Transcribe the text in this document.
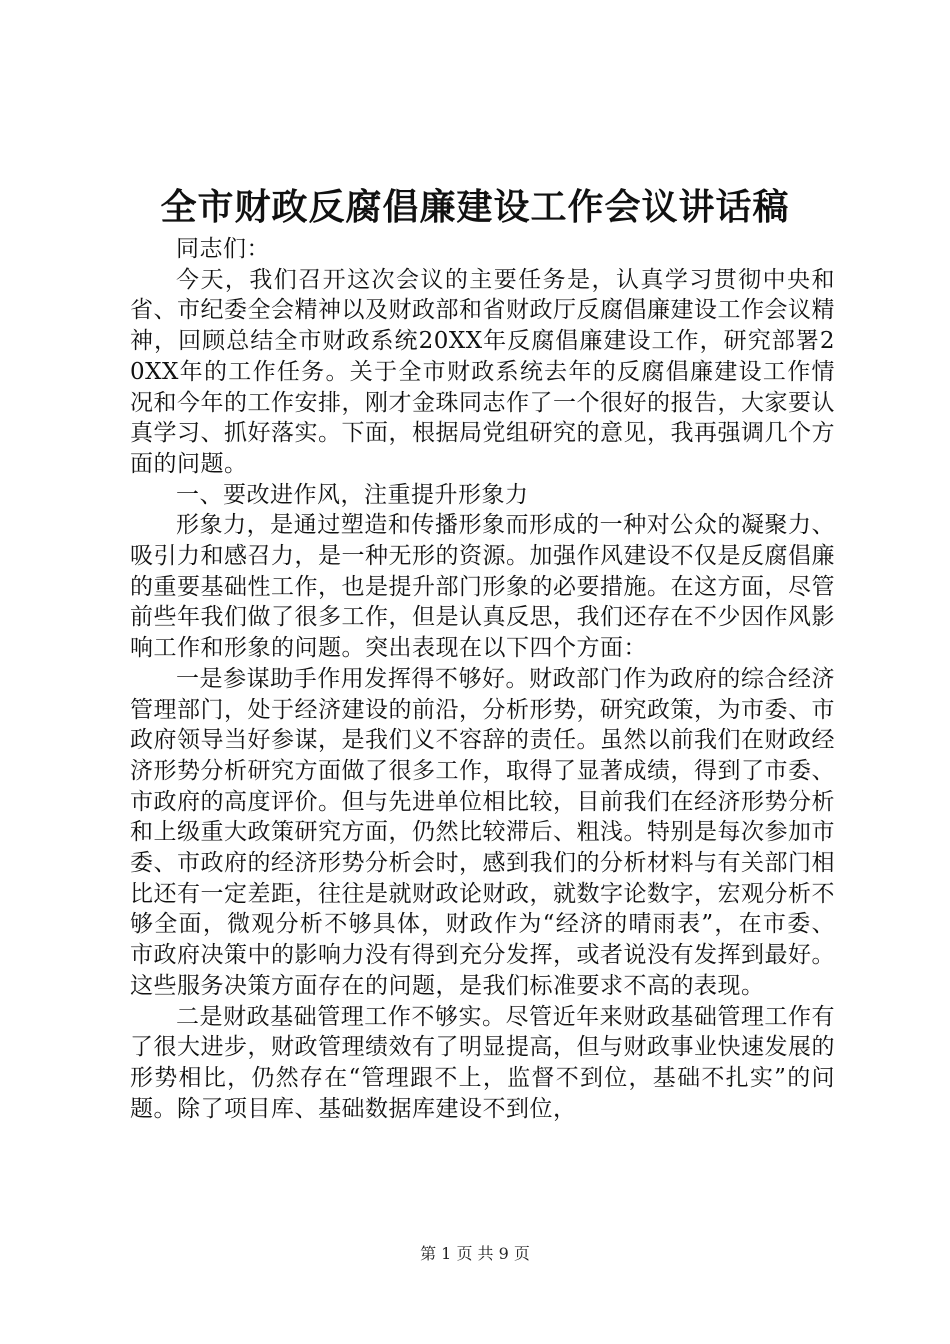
全市财政反腐倡廉建设工作会议讲话稿

同志们：

今天，我们召开这次会议的主要任务是，认真学习贯彻中央和省、市纪委全会精神以及财政部和省财政厅反腐倡廉建设工作会议精神，回顾总结全市财政系统20XX年反腐倡廉建设工作，研究部署20XX年的工作任务。关于全市财政系统去年的反腐倡廉建设工作情况和今年的工作安排，刚才金珠同志作了一个很好的报告，大家要认真学习、抓好落实。下面，根据局党组研究的意见，我再强调几个方面的问题。

一、要改进作风，注重提升形象力

形象力，是通过塑造和传播形象而形成的一种对公众的凝聚力、吸引力和感召力，是一种无形的资源。加强作风建设不仅是反腐倡廉的重要基础性工作，也是提升部门形象的必要措施。在这方面，尽管前些年我们做了很多工作，但是认真反思，我们还存在不少因作风影响工作和形象的问题。突出表现在以下四个方面：

一是参谋助手作用发挥得不够好。财政部门作为政府的综合经济管理部门，处于经济建设的前沿，分析形势，研究政策，为市委、市政府领导当好参谋，是我们义不容辞的责任。虽然以前我们在财政经济形势分析研究方面做了很多工作，取得了显著成绩，得到了市委、市政府的高度评价。但与先进单位相比较，目前我们在经济形势分析和上级重大政策研究方面，仍然比较滞后、粗浅。特别是每次参加市委、市政府的经济形势分析会时，感到我们的分析材料与有关部门相比还有一定差距，往往是就财政论财政，就数字论数字，宏观分析不够全面，微观分析不够具体，财政作为“经济的晴雨表”，在市委、市政府决策中的影响力没有得到充分发挥，或者说没有发挥到最好。这些服务决策方面存在的问题，是我们标准要求不高的表现。

二是财政基础管理工作不够实。尽管近年来财政基础管理工作有了很大进步，财政管理绩效有了明显提高，但与财政事业快速发展的形势相比，仍然存在“管理跟不上，监督不到位，基础不扎实”的问题。除了项目库、基础数据库建设不到位，

第 1 页 共 9 页
